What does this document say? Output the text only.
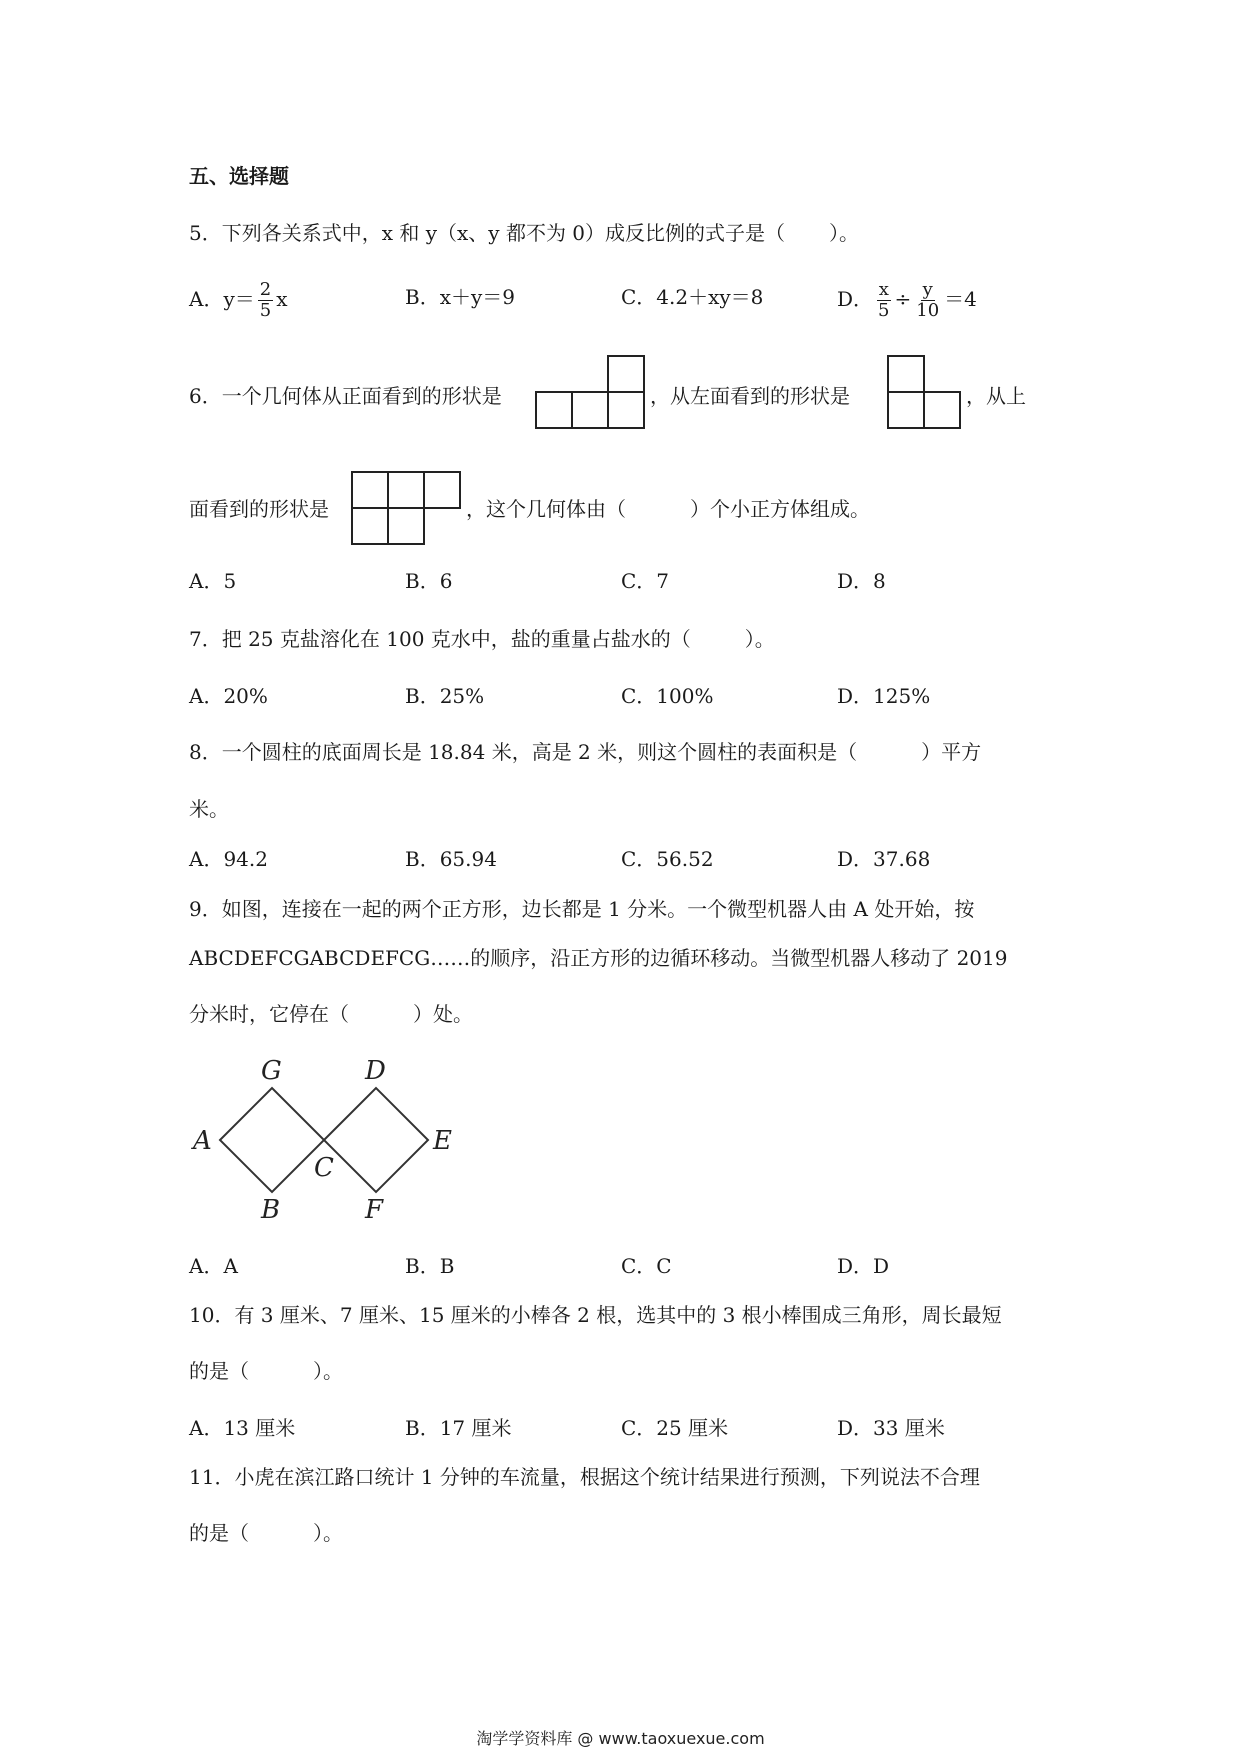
五、选择题
5．下列各关系式中，x 和 y（x、y 都不为 0）成反比例的式子是（ ）。
A．$y= \frac{2}{5}$ x	B．x＋y＝9	C．4.2＋xy＝8	D． $\frac{x}{5} \div \frac{y}{10} =4$
6．一个几何体从正面看到的形状是	，从左面看到的形状是	，从上
面看到的形状是	，这个几何体由（	）个小正方体组成。
A．5	B．6	C．7	D．8
7．把 25 克盐溶化在 100 克水中，盐的重量占盐水的（	）。
A．20%	B．25%	C．100%	D．125%
8．一个圆柱的底面周长是 18.84 米，高是 2 米，则这个圆柱的表面积是（	）平方
米。
A．94.2	B．65.94	C．56.52	D．37.68
9．如图，连接在一起的两个正方形，边长都是 1 分米。一个微型机器人由 A 处开始，按
ABCDEFCGABCDEFCG……的顺序，沿正方形的边循环移动。当微型机器人移动了 2019
分米时，它停在（	）处。
A
G
B
C
D
F
E
A．A	B．B	C．C	D．D
10．有 3 厘米、7 厘米、15 厘米的小棒各 2 根，选其中的 3 根小棒围成三角形，周长最短
的是（	）。
A．13 厘米	B．17 厘米	C．25 厘米	D．33 厘米
11．小虎在滨江路口统计 1 分钟的车流量，根据这个统计结果进行预测，下列说法不合理
的是（	）。
淘学学资料库 @ www.taoxuexue.com
